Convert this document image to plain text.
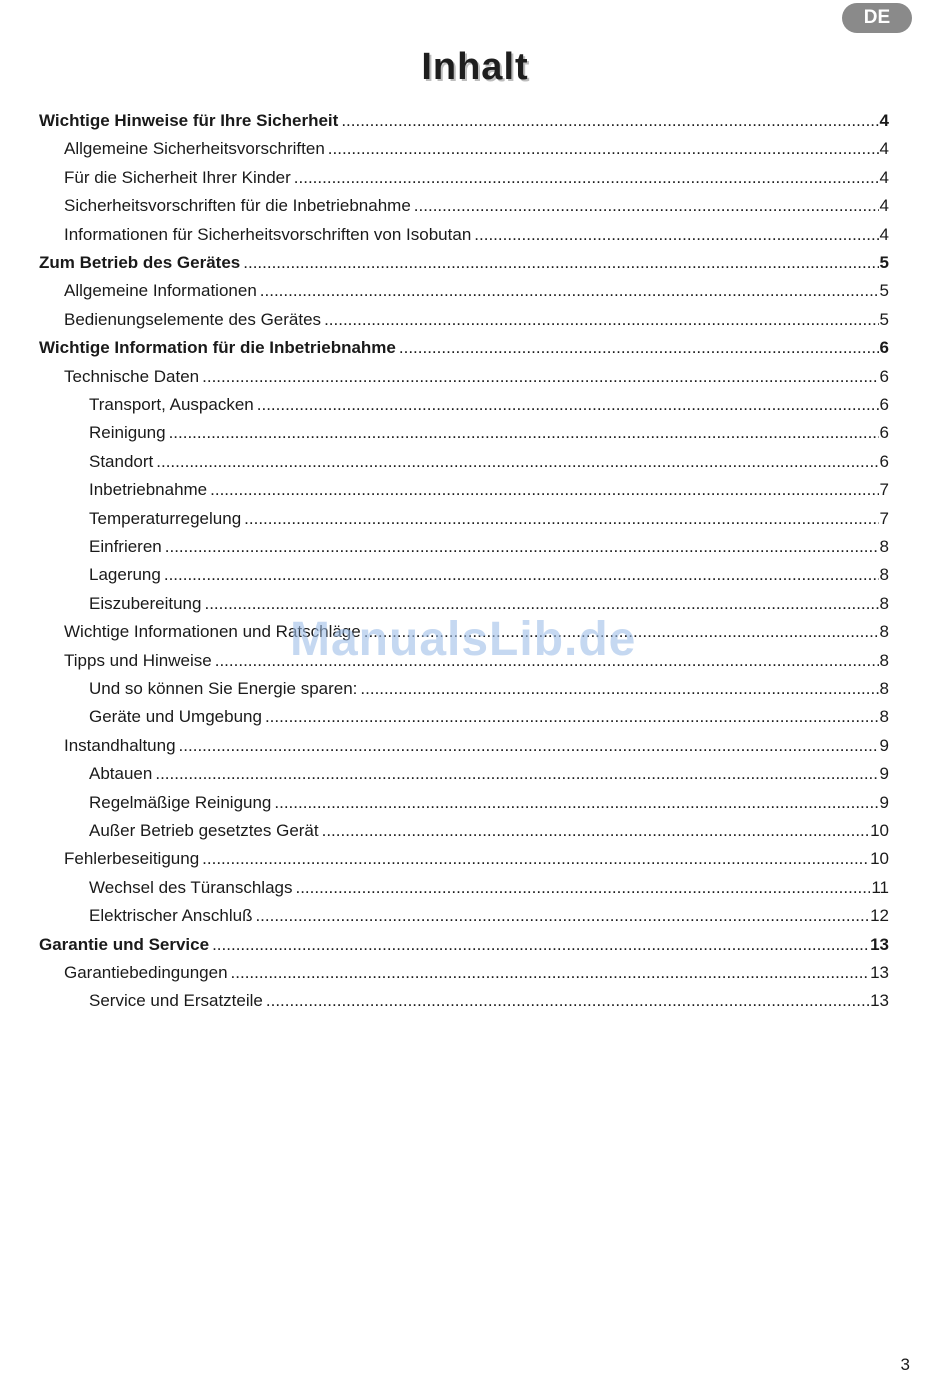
DE
Inhalt
Wichtige Hinweise für Ihre Sicherheit .....	4
Allgemeine Sicherheitsvorschriften .....	4
Für die Sicherheit Ihrer Kinder .....	4
Sicherheitsvorschriften für die Inbetriebnahme .....	4
Informationen für Sicherheitsvorschriften von Isobutan .....	4
Zum Betrieb des Gerätes .....	5
Allgemeine Informationen .....	5
Bedienungselemente des Gerätes .....	5
Wichtige Information für die Inbetriebnahme .....	6
Technische Daten .....	6
Transport, Auspacken .....	6
Reinigung .....	6
Standort .....	6
Inbetriebnahme .....	7
Temperaturregelung .....	7
Einfrieren .....	8
Lagerung .....	8
Eiszubereitung .....	8
Wichtige Informationen und Ratschläge .....	8
Tipps und Hinweise .....	8
Und so können Sie Energie sparen: .....	8
Geräte und Umgebung .....	8
Instandhaltung .....	9
Abtauen .....	9
Regelmäßige Reinigung .....	9
Außer Betrieb gesetztes Gerät .....	10
Fehlerbeseitigung .....	10
Wechsel des Türanschlags .....	11
Elektrischer Anschluß .....	12
Garantie und Service .....	13
Garantiebedingungen .....	13
Service und Ersatzteile .....	13
ManualsLib.de
3
